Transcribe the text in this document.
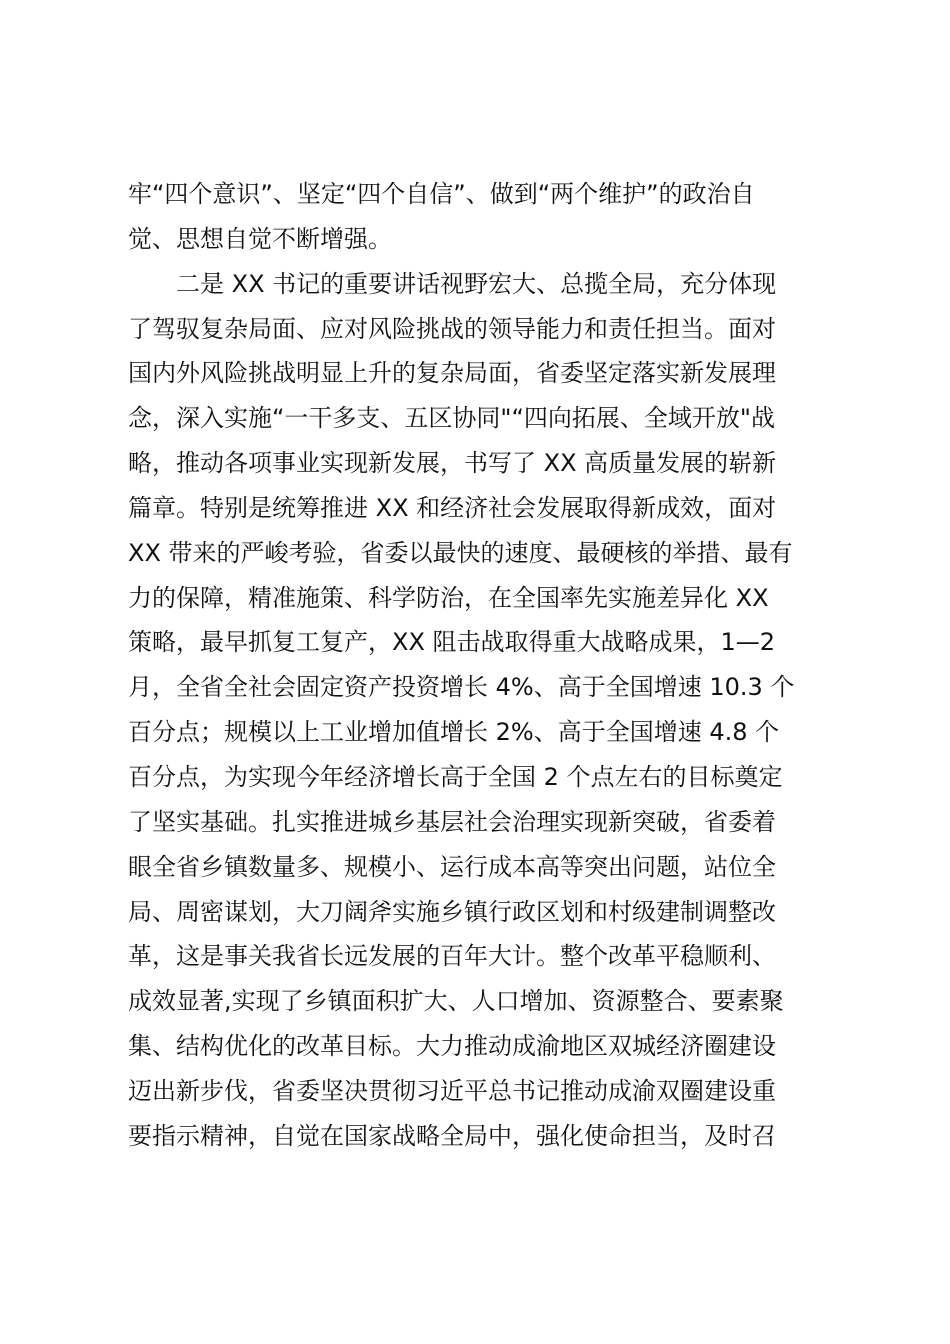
牢“四个意识”、坚定“四个自信”、做到“两个维护”的政治自
觉、思想自觉不断增强。
二是 XX 书记的重要讲话视野宏大、总揽全局，充分体现
了驾驭复杂局面、应对风险挑战的领导能力和责任担当。面对
国内外风险挑战明显上升的复杂局面，省委坚定落实新发展理
念，深入实施“一干多支、五区协同"“四向拓展、全域开放"战
略，推动各项事业实现新发展，书写了 XX 高质量发展的崭新
篇章。特别是统筹推进 XX 和经济社会发展取得新成效，面对
XX 带来的严峻考验，省委以最快的速度、最硬核的举措、最有
力的保障，精准施策、科学防治，在全国率先实施差异化 XX
策略，最早抓复工复产，XX 阻击战取得重大战略成果，1—2
月，全省全社会固定资产投资增长 4%、高于全国增速 10.3 个
百分点；规模以上工业增加值增长 2%、高于全国增速 4.8 个
百分点，为实现今年经济增长高于全国 2 个点左右的目标奠定
了坚实基础。扎实推进城乡基层社会治理实现新突破，省委着
眼全省乡镇数量多、规模小、运行成本高等突出问题，站位全
局、周密谋划，大刀阔斧实施乡镇行政区划和村级建制调整改
革，这是事关我省长远发展的百年大计。整个改革平稳顺利、
成效显著,实现了乡镇面积扩大、人口增加、资源整合、要素聚
集、结构优化的改革目标。大力推动成渝地区双城经济圈建设
迈出新步伐，省委坚决贯彻习近平总书记推动成渝双圈建设重
要指示精神，自觉在国家战略全局中，强化使命担当，及时召
